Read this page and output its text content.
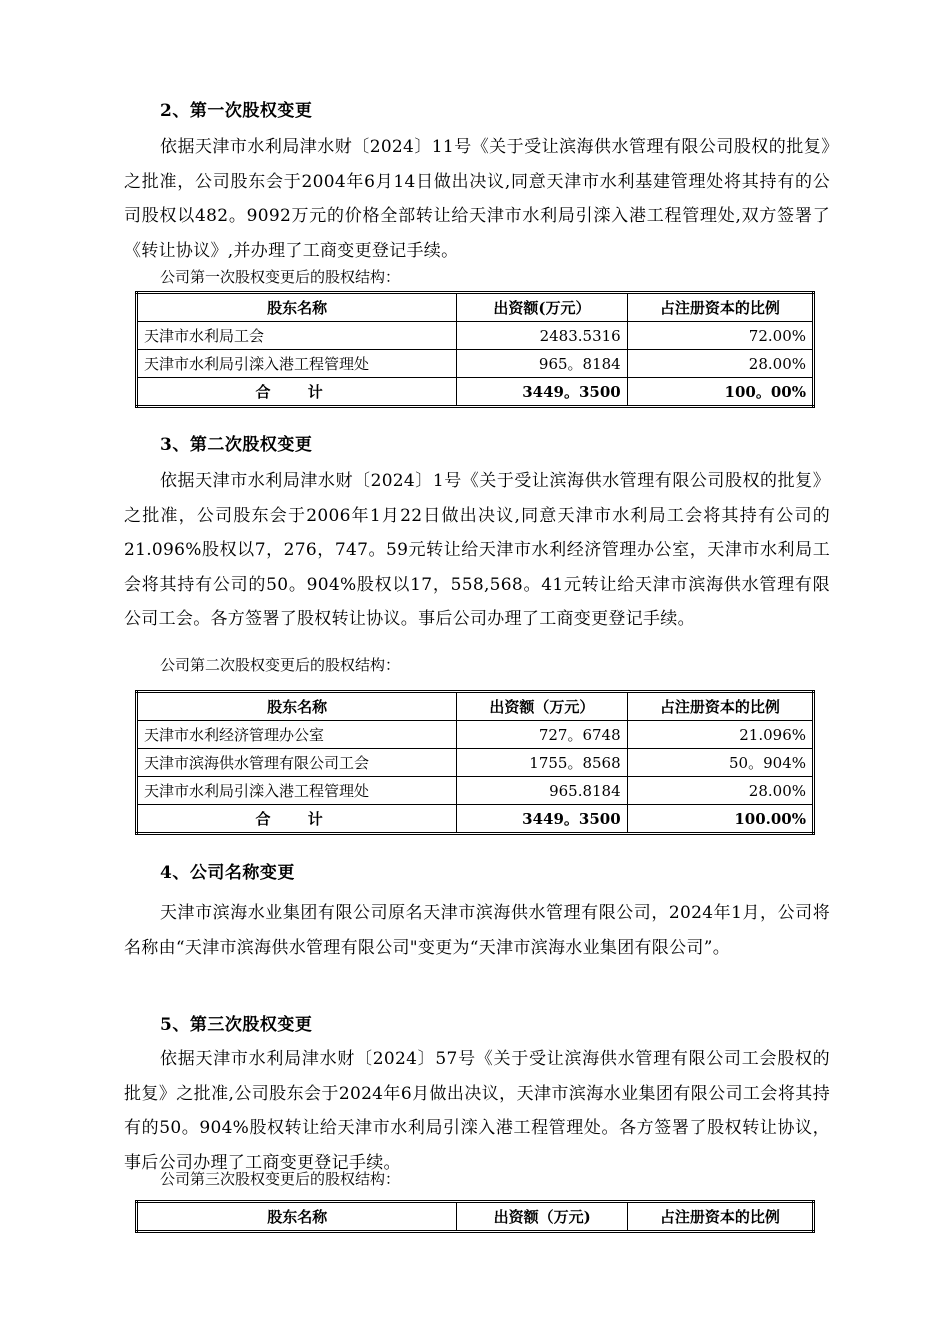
2、第一次股权变更
依据天津市水利局津水财〔2024〕11号《关于受让滨海供水管理有限公司股权的批复》之批准，公司股东会于2004年6月14日做出决议,同意天津市水利基建管理处将其持有的公司股权以482。9092万元的价格全部转让给天津市水利局引滦入港工程管理处,双方签署了《转让协议》,并办理了工商变更登记手续。
公司第一次股权变更后的股权结构：
股东名称	出资额(万元）	占注册资本的比例
天津市水利局工会	2483.5316	72.00%
天津市水利局引滦入港工程管理处	965。8184	28.00%
合 计	3449。3500	100。00%
3、第二次股权变更
依据天津市水利局津水财〔2024〕1号《关于受让滨海供水管理有限公司股权的批复》之批准，公司股东会于2006年1月22日做出决议,同意天津市水利局工会将其持有公司的21.096%股权以7，276，747。59元转让给天津市水利经济管理办公室，天津市水利局工会将其持有公司的50。904%股权以17，558,568。41元转让给天津市滨海供水管理有限公司工会。各方签署了股权转让协议。事后公司办理了工商变更登记手续。
公司第二次股权变更后的股权结构：
股东名称	出资额（万元）	占注册资本的比例
天津市水利经济管理办公室	727。6748	21.096%
天津市滨海供水管理有限公司工会	1755。8568	50。904%
天津市水利局引滦入港工程管理处	965.8184	28.00%
合 计	3449。3500	100.00%
4、公司名称变更
天津市滨海水业集团有限公司原名天津市滨海供水管理有限公司，2024年1月，公司将名称由“天津市滨海供水管理有限公司"变更为“天津市滨海水业集团有限公司”。
5、第三次股权变更
依据天津市水利局津水财〔2024〕57号《关于受让滨海供水管理有限公司工会股权的批复》之批准,公司股东会于2024年6月做出决议，天津市滨海水业集团有限公司工会将其持有的50。904%股权转让给天津市水利局引滦入港工程管理处。各方签署了股权转让协议，事后公司办理了工商变更登记手续。
公司第三次股权变更后的股权结构：
股东名称	出资额（万元)	占注册资本的比例
